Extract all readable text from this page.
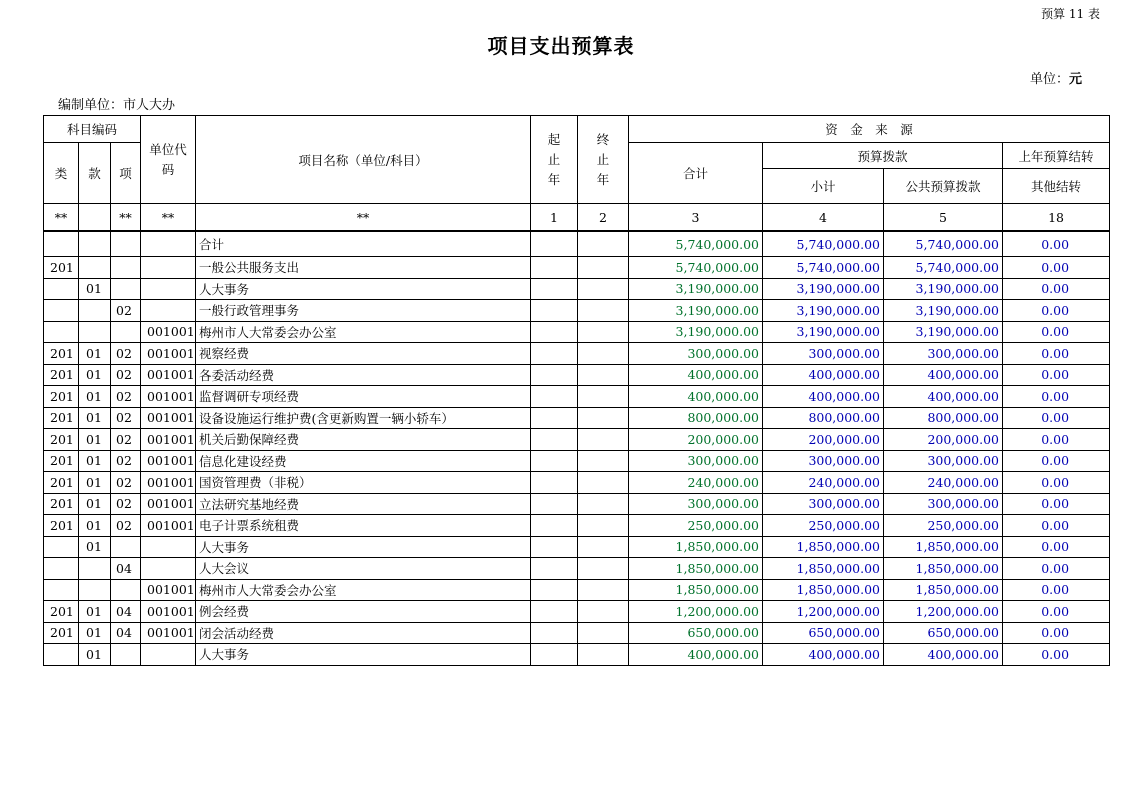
预算 11 表
项目支出预算表
单位：元
编制单位：市人大办
科目编码			单位代码	项目名称（单位/科目）	起止年	终止年	资　金　来　源			
类	款	项					合计	预算拨款		上年预算结转
								小计	公共预算拨款	其他结转
**		**	**	**	1	2	3	4	5	18

				合计			5,740,000.00	5,740,000.00	5,740,000.00	0.00
201				一般公共服务支出			5,740,000.00	5,740,000.00	5,740,000.00	0.00
	01			人大事务			3,190,000.00	3,190,000.00	3,190,000.00	0.00
		02		一般行政管理事务			3,190,000.00	3,190,000.00	3,190,000.00	0.00
			001001	梅州市人大常委会办公室			3,190,000.00	3,190,000.00	3,190,000.00	0.00
201	01	02	001001	视察经费			300,000.00	300,000.00	300,000.00	0.00
201	01	02	001001	各委活动经费			400,000.00	400,000.00	400,000.00	0.00
201	01	02	001001	监督调研专项经费			400,000.00	400,000.00	400,000.00	0.00
201	01	02	001001	设备设施运行维护费(含更新购置一辆小轿车）			800,000.00	800,000.00	800,000.00	0.00
201	01	02	001001	机关后勤保障经费			200,000.00	200,000.00	200,000.00	0.00
201	01	02	001001	信息化建设经费			300,000.00	300,000.00	300,000.00	0.00
201	01	02	001001	国资管理费（非税）			240,000.00	240,000.00	240,000.00	0.00
201	01	02	001001	立法研究基地经费			300,000.00	300,000.00	300,000.00	0.00
201	01	02	001001	电子计票系统租费			250,000.00	250,000.00	250,000.00	0.00
	01			人大事务			1,850,000.00	1,850,000.00	1,850,000.00	0.00
		04		人大会议			1,850,000.00	1,850,000.00	1,850,000.00	0.00
			001001	梅州市人大常委会办公室			1,850,000.00	1,850,000.00	1,850,000.00	0.00
201	01	04	001001	例会经费			1,200,000.00	1,200,000.00	1,200,000.00	0.00
201	01	04	001001	闭会活动经费			650,000.00	650,000.00	650,000.00	0.00
	01			人大事务			400,000.00	400,000.00	400,000.00	0.00
